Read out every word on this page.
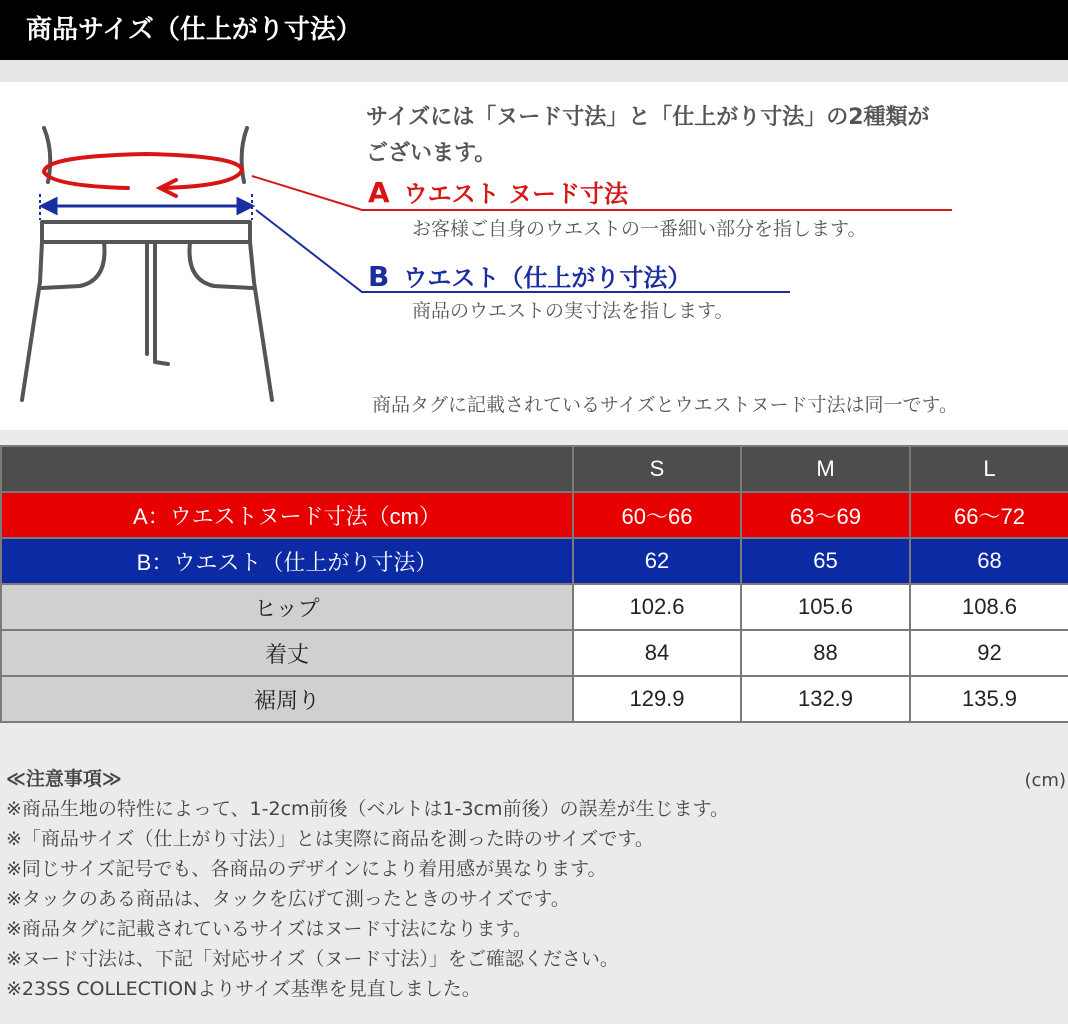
商品サイズ（仕上がり寸法）
サイズには「ヌード寸法」と「仕上がり寸法」の2種類が
ございます。
A ウエスト ヌード寸法
お客様ご自身のウエストの一番細い部分を指します。
B ウエスト（仕上がり寸法）
商品のウエストの実寸法を指します。
商品タグに記載されているサイズとウエストヌード寸法は同一です。
	S	M	L
A：ウエストヌード寸法（cm）	60〜66	63〜69	66〜72
B：ウエスト（仕上がり寸法）	62	65	68
ヒップ	102.6	105.6	108.6
着丈	84	88	92
裾周り	129.9	132.9	135.9
(cm)
≪注意事項≫
※商品生地の特性によって、1-2cm前後（ベルトは1-3cm前後）の誤差が生じます。
※「商品サイズ（仕上がり寸法）」とは実際に商品を測った時のサイズです。
※同じサイズ記号でも、各商品のデザインにより着用感が異なります。
※タックのある商品は、タックを広げて測ったときのサイズです。
※商品タグに記載されているサイズはヌード寸法になります。
※ヌード寸法は、下記「対応サイズ（ヌード寸法）」をご確認ください。
※23SS COLLECTIONよりサイズ基準を見直しました。
